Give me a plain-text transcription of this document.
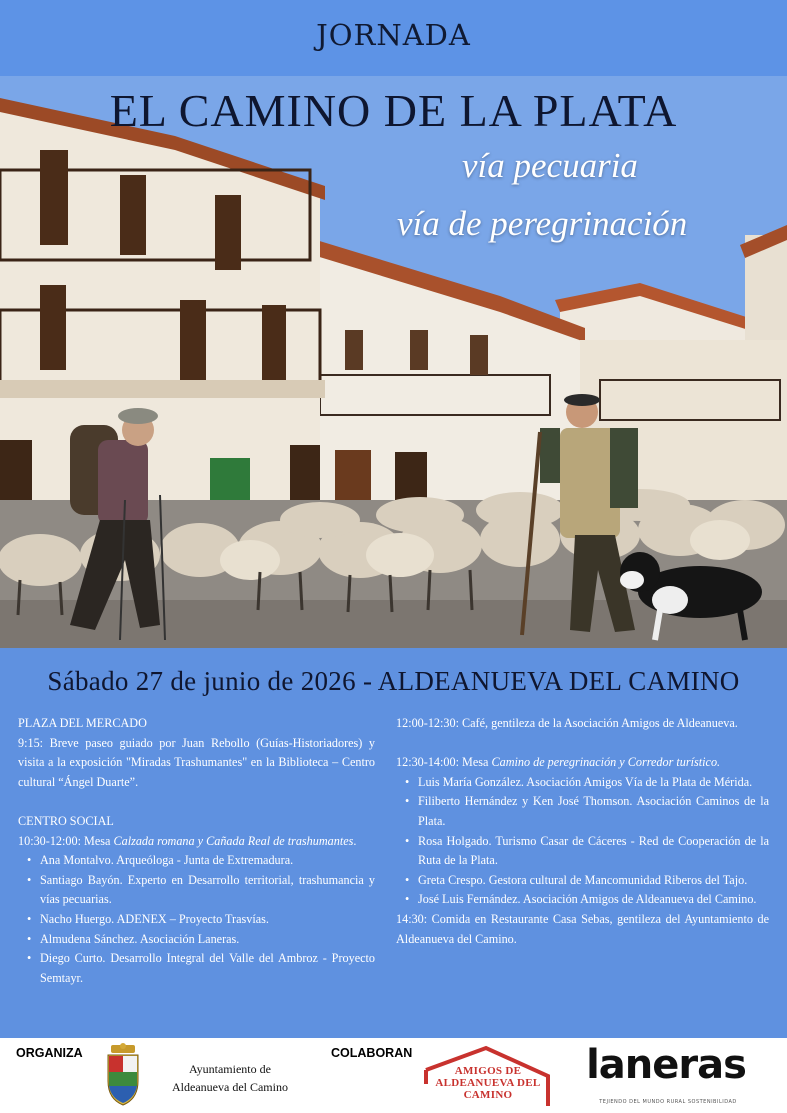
JORNADA
EL CAMINO DE LA PLATA
vía pecuaria
vía de peregrinación
Sábado 27 de junio de 2026 - ALDEANUEVA DEL CAMINO

PLAZA DEL MERCADO

9:15: Breve paseo guiado por Juan Rebollo (Guías-Historiadores) y visita a la exposición "Miradas Trashumantes" en la Biblioteca – Centro cultural “Ángel Duarte”.

CENTRO SOCIAL

10:30-12:00: Mesa Calzada romana y Cañada Real de trashumantes.

• Ana Montalvo. Arqueóloga - Junta de Extremadura.
• Santiago Bayón. Experto en Desarrollo territorial, trashumancia y vías pecuarias.
• Nacho Huergo. ADENEX – Proyecto Trasvías.
• Almudena Sánchez. Asociación Laneras.
• Diego Curto. Desarrollo Integral del Valle del Ambroz - Proyecto Semtayr.

12:00-12:30: Café, gentileza de la Asociación Amigos de Aldeanueva.

12:30-14:00: Mesa Camino de peregrinación y Corredor turístico.

• Luis María González. Asociación Amigos Vía de la Plata de Mérida.
• Filiberto Hernández y Ken José Thomson. Asociación Caminos de la Plata.
• Rosa Holgado. Turismo Casar de Cáceres - Red de Cooperación de la Ruta de la Plata.
• Greta Crespo. Gestora cultural de Mancomunidad Riberos del Tajo.
• José Luis Fernández. Asociación Amigos de Aldeanueva del Camino.

14:30: Comida en Restaurante Casa Sebas, gentileza del Ayuntamiento de Aldeanueva del Camino.

ORGANIZA
Ayuntamiento de
Aldeanueva del Camino
COLABORAN
AMIGOS DE ALDEANUEVA DEL CAMINO
laneras
TEJIENDO DEL MUNDO RURAL SOSTENIBILIDAD
